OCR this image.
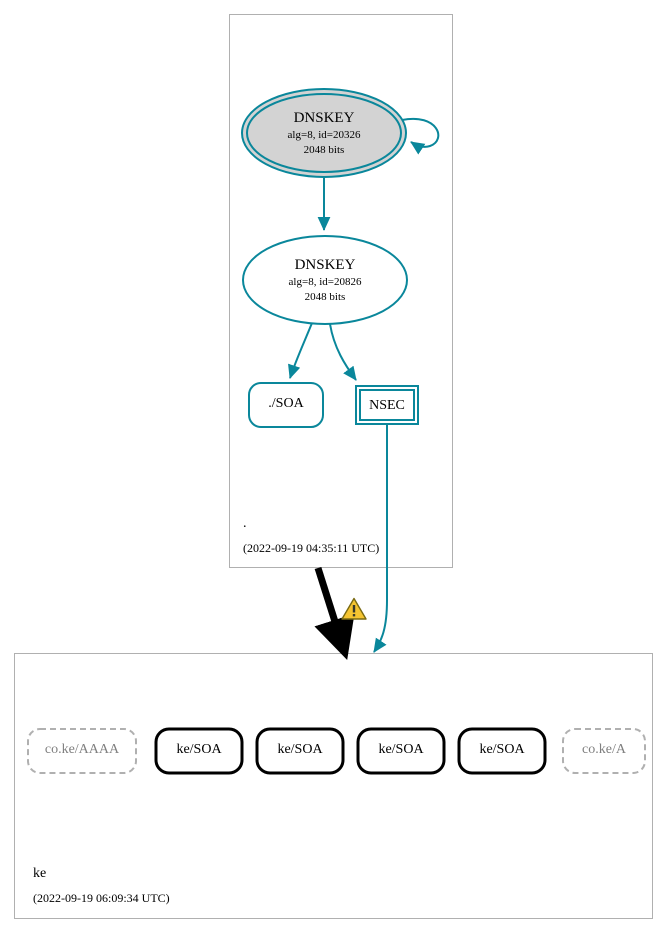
DNSKEY
alg=8, id=20326
2048 bits
DNSKEY
alg=8, id=20826
2048 bits
./SOA	NSEC
.
(2022-09-19 04:35:11 UTC)
co.ke/AAAA	ke/SOA	ke/SOA	ke/SOA	ke/SOA	co.ke/A
ke
(2022-09-19 06:09:34 UTC)
